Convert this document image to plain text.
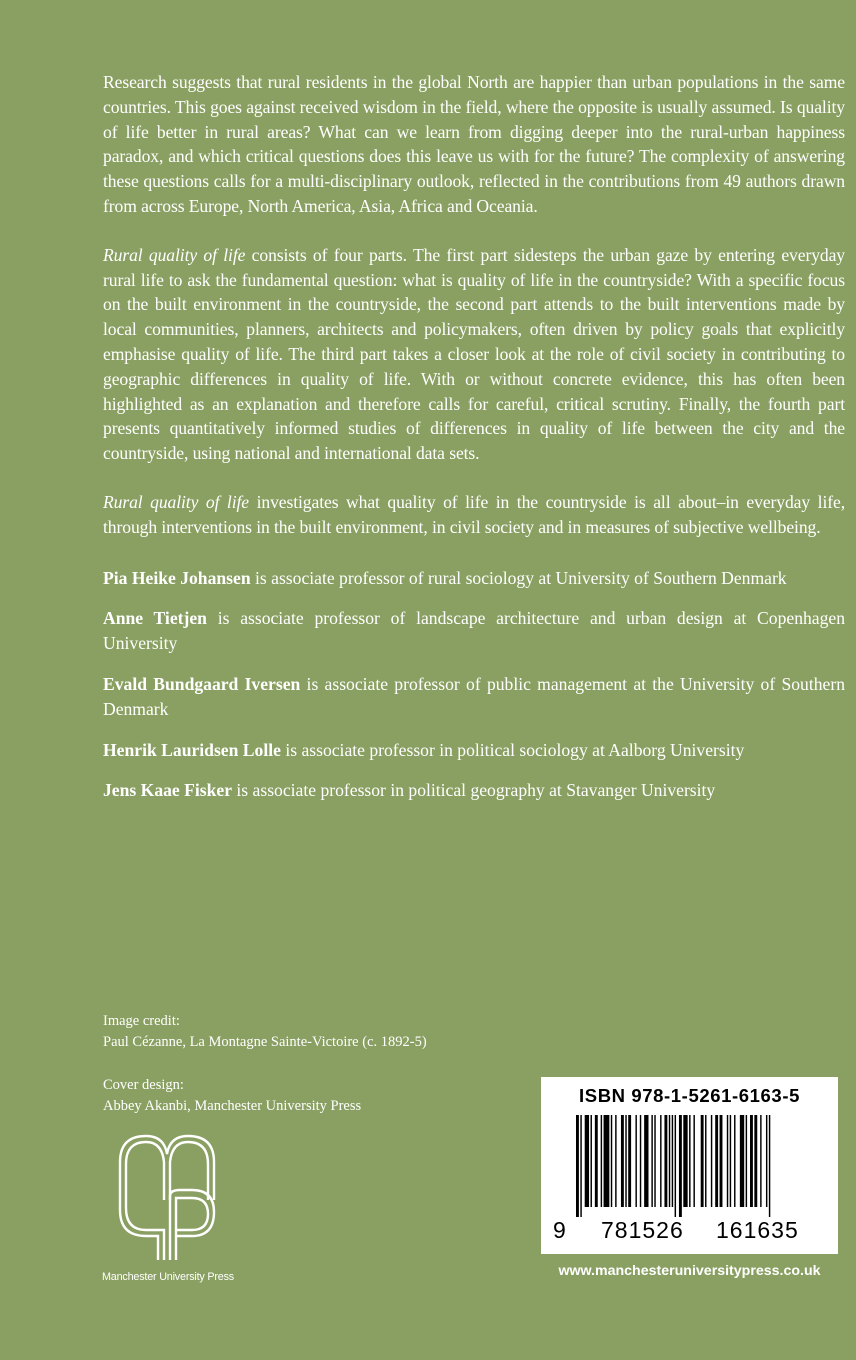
Research suggests that rural residents in the global North are happier than urban populations in the same countries. This goes against received wisdom in the field, where the opposite is usually assumed. Is quality of life better in rural areas? What can we learn from digging deeper into the rural-urban happiness paradox, and which critical questions does this leave us with for the future? The complexity of answering these questions calls for a multi-disciplinary outlook, reflected in the contributions from 49 authors drawn from across Europe, North America, Asia, Africa and Oceania.

Rural quality of life consists of four parts. The first part sidesteps the urban gaze by entering everyday rural life to ask the fundamental question: what is quality of life in the countryside? With a specific focus on the built environment in the countryside, the second part attends to the built interventions made by local communities, planners, architects and policymakers, often driven by policy goals that explicitly emphasise quality of life. The third part takes a closer look at the role of civil society in contributing to geographic differences in quality of life. With or without concrete evidence, this has often been highlighted as an explanation and therefore calls for careful, critical scrutiny. Finally, the fourth part presents quantitatively informed studies of differences in quality of life between the city and the countryside, using national and international data sets.

Rural quality of life investigates what quality of life in the countryside is all about–in everyday life, through interventions in the built environment, in civil society and in measures of subjective wellbeing.

Pia Heike Johansen is associate professor of rural sociology at University of Southern Denmark

Anne Tietjen is associate professor of landscape architecture and urban design at Copenhagen University

Evald Bundgaard Iversen is associate professor of public management at the University of Southern Denmark

Henrik Lauridsen Lolle is associate professor in political sociology at Aalborg University

Jens Kaae Fisker is associate professor in political geography at Stavanger University

Image credit:
Paul Cézanne, La Montagne Sainte-Victoire (c. 1892-5)
Cover design:
Abbey Akanbi, Manchester University Press
Manchester University Press
ISBN 978-1-5261-6163-5
9 781526 161635
www.manchesteruniversitypress.co.uk
